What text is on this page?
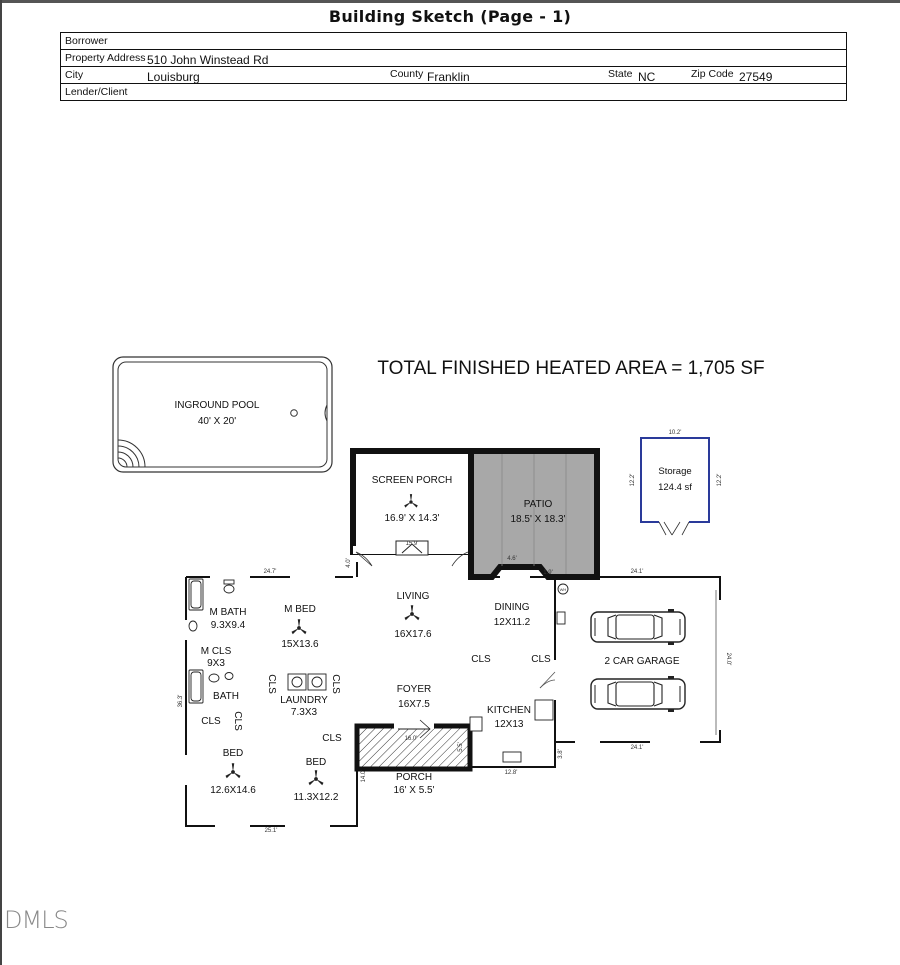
Building Sketch (Page - 1)
Borrower

Property Address 510 John Winstead Rd

City	Louisburg	County Franklin	State NC	Zip Code 27549

Lender/Client
TOTAL FINISHED HEATED AREA = 1,705 SF
INGROUND POOL
40' X 20'
Storage
124.4 sf
10.2'
12.2'	12.2'
SCREEN PORCH
16.9' X 14.3'
15.9'
PATIO
18.5' X 18.3'
4.6'
1.9'
PORCH
16' X 5.5'
16.0'
5.5'
2 CAR GARAGE
WH
M BATH
9.3X9.4
M BED
15X13.6
M CLS
9X3
BATH	LAUNDRY
7.3X3
LIVING
16X17.6
DINING
12X11.2
FOYER
16X7.5
KITCHEN
12X13
BED
12.6X14.6
BED
11.3X12.2
CLS	CLS
CLS
CLS
CLS	CLS
CLS
24.7'
36.3'
25.1'
14.0'
4.0'
12.8'
24.1'
24.1'
24.0'
3.8'
DMLS
